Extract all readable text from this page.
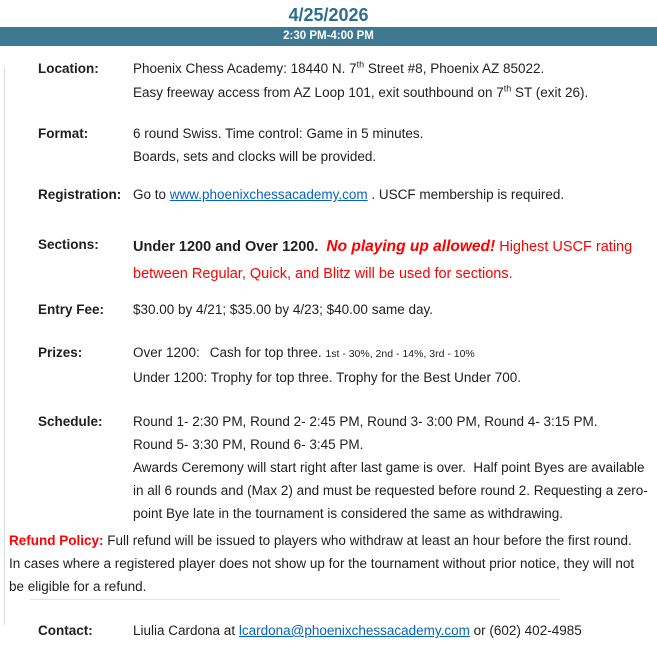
4/25/2026
2:30 PM-4:00 PM
Location:	Phoenix Chess Academy: 18440 N. 7th Street #8, Phoenix AZ 85022.
Easy freeway access from AZ Loop 101, exit southbound on 7th ST (exit 26).
Format:	6 round Swiss. Time control: Game in 5 minutes.
Boards, sets and clocks will be provided.
Registration: Go to www.phoenixchessacademy.com . USCF membership is required.
Sections:	Under 1200 and Over 1200. No playing up allowed! Highest USCF rating between Regular, Quick, and Blitz will be used for sections.
Entry Fee:	$30.00 by 4/21; $35.00 by 4/23; $40.00 same day.
Prizes:	Over 1200: Cash for top three. 1st - 30%, 2nd - 14%, 3rd - 10%
Under 1200: Trophy for top three. Trophy for the Best Under 700.
Schedule:	Round 1- 2:30 PM, Round 2- 2:45 PM, Round 3- 3:00 PM, Round 4- 3:15 PM.
Round 5- 3:30 PM, Round 6- 3:45 PM.
Awards Ceremony will start right after last game is over.  Half point Byes are available in all 6 rounds and (Max 2) and must be requested before round 2. Requesting a zero-point Bye late in the tournament is considered the same as withdrawing.
Refund Policy: Full refund will be issued to players who withdraw at least an hour before the first round. In cases where a registered player does not show up for the tournament without prior notice, they will not be eligible for a refund.
Contact:	Liulia Cardona at lcardona@phoenixchessacademy.com or (602) 402-4985
